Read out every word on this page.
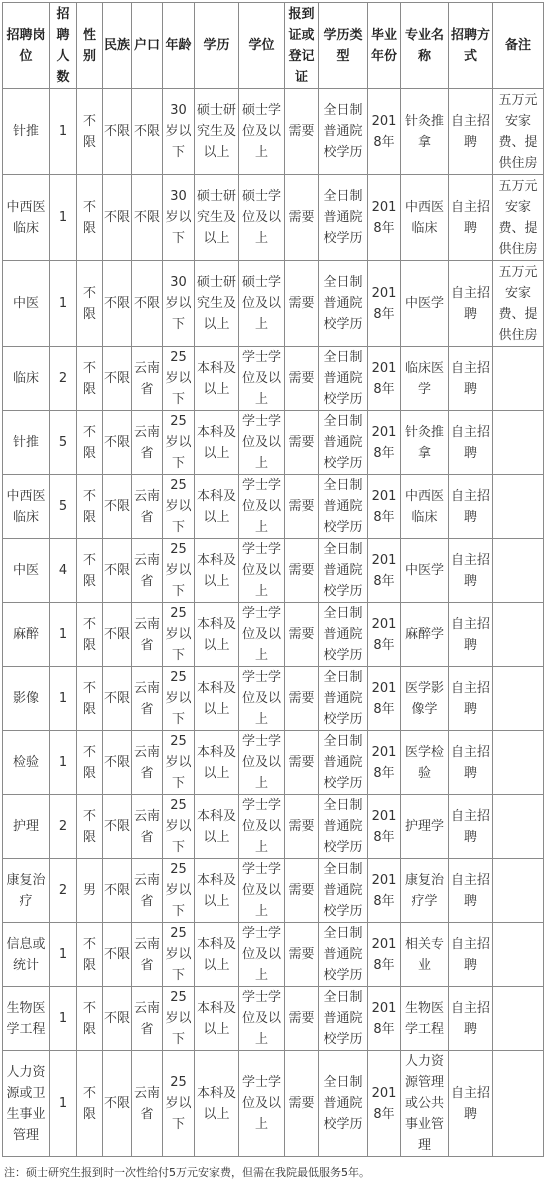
招聘岗位	招聘人数	性别	民族	户口	年龄	学历	学位	报到证或登记证	学历类型	毕业年份	专业名称	招聘方式	备注
针推	1	不限	不限	不限	30岁以下	硕士研究生及以上	硕士学位及以上	需要	全日制普通院校学历	2018年	针灸推拿	自主招聘	五万元安家费、提供住房
中西医临床	1	不限	不限	不限	30岁以下	硕士研究生及以上	硕士学位及以上	需要	全日制普通院校学历	2018年	中西医临床	自主招聘	五万元安家费、提供住房
中医	1	不限	不限	不限	30岁以下	硕士研究生及以上	硕士学位及以上	需要	全日制普通院校学历	2018年	中医学	自主招聘	五万元安家费、提供住房
临床	2	不限	不限	云南省	25岁以下	本科及以上	学士学位及以上	需要	全日制普通院校学历	2018年	临床医学	自主招聘	
针推	5	不限	不限	云南省	25岁以下	本科及以上	学士学位及以上	需要	全日制普通院校学历	2018年	针灸推拿	自主招聘	
中西医临床	5	不限	不限	云南省	25岁以下	本科及以上	学士学位及以上	需要	全日制普通院校学历	2018年	中西医临床	自主招聘	
中医	4	不限	不限	云南省	25岁以下	本科及以上	学士学位及以上	需要	全日制普通院校学历	2018年	中医学	自主招聘	
麻醉	1	不限	不限	云南省	25岁以下	本科及以上	学士学位及以上	需要	全日制普通院校学历	2018年	麻醉学	自主招聘	
影像	1	不限	不限	云南省	25岁以下	本科及以上	学士学位及以上	需要	全日制普通院校学历	2018年	医学影像学	自主招聘	
检验	1	不限	不限	云南省	25岁以下	本科及以上	学士学位及以上	需要	全日制普通院校学历	2018年	医学检验	自主招聘	
护理	2	不限	不限	云南省	25岁以下	本科及以上	学士学位及以上	需要	全日制普通院校学历	2018年	护理学	自主招聘	
康复治疗	2	男	不限	云南省	25岁以下	本科及以上	学士学位及以上	需要	全日制普通院校学历	2018年	康复治疗学	自主招聘	
信息或统计	1	不限	不限	云南省	25岁以下	本科及以上	学士学位及以上	需要	全日制普通院校学历	2018年	相关专业	自主招聘	
生物医学工程	1	不限	不限	云南省	25岁以下	本科及以上	学士学位及以上	需要	全日制普通院校学历	2018年	生物医学工程	自主招聘	
人力资源或卫生事业管理	1	不限	不限	云南省	25岁以下	本科及以上	学士学位及以上	需要	全日制普通院校学历	2018年	人力资源管理或公共事业管理	自主招聘	
注：硕士研究生报到时一次性给付5万元安家费，但需在我院最低服务5年。
